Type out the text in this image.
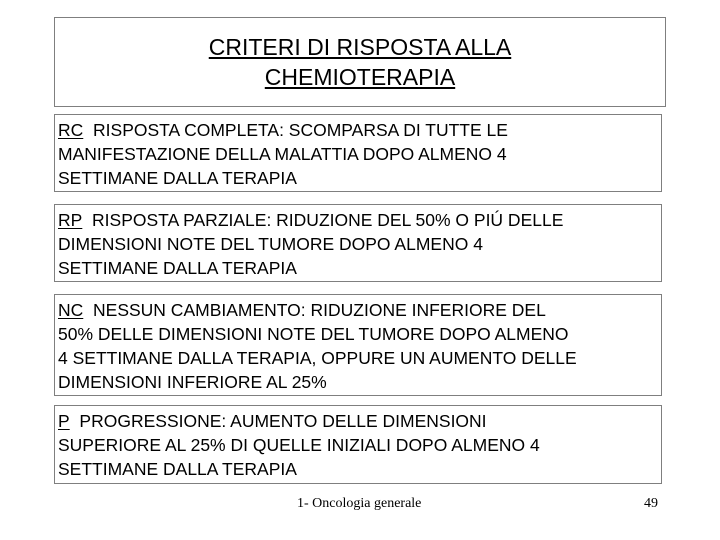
CRITERI DI RISPOSTA ALLA
CHEMIOTERAPIA
RC RISPOSTA COMPLETA: SCOMPARSA DI TUTTE LE
MANIFESTAZIONE DELLA MALATTIA DOPO ALMENO 4
SETTIMANE DALLA TERAPIA
RP RISPOSTA PARZIALE: RIDUZIONE DEL 50% O PIÚ DELLE
DIMENSIONI NOTE DEL TUMORE DOPO ALMENO 4
SETTIMANE DALLA TERAPIA
NC NESSUN CAMBIAMENTO: RIDUZIONE INFERIORE DEL
50% DELLE DIMENSIONI NOTE DEL TUMORE DOPO ALMENO
4 SETTIMANE DALLA TERAPIA, OPPURE UN AUMENTO DELLE
DIMENSIONI INFERIORE AL 25%
P PROGRESSIONE: AUMENTO DELLE DIMENSIONI
SUPERIORE AL 25% DI QUELLE INIZIALI DOPO ALMENO 4
SETTIMANE DALLA TERAPIA
1- Oncologia generale	49
